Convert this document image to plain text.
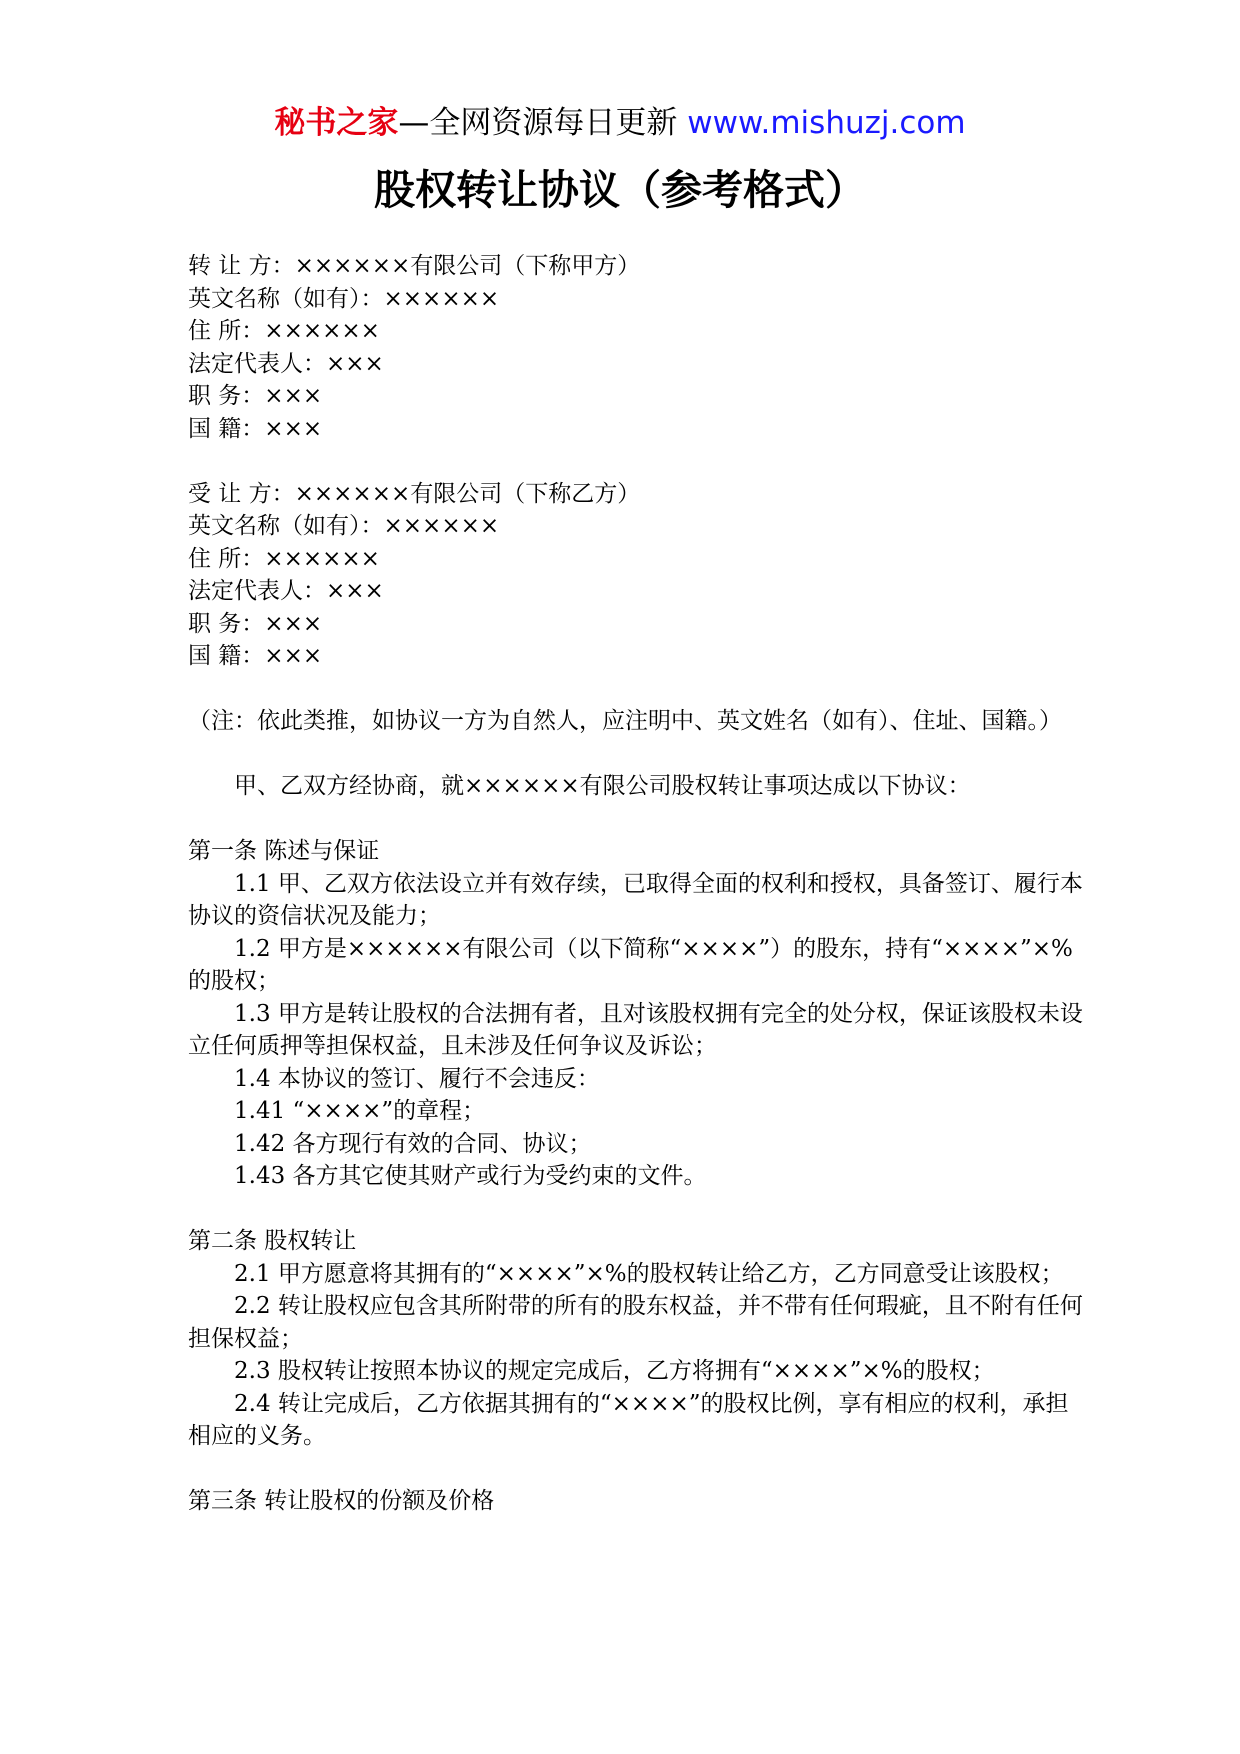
秘书之家—全网资源每日更新 www.mishuzj.com
股权转让协议（参考格式）
转 让 方：××××××有限公司（下称甲方）
英文名称（如有）：××××××
住 所：××××××
法定代表人：×××
职 务：×××
国 籍：×××
受 让 方：××××××有限公司（下称乙方）
英文名称（如有）：××××××
住 所：××××××
法定代表人：×××
职 务：×××
国 籍：×××
（注：依此类推，如协议一方为自然人，应注明中、英文姓名（如有）、住址、国籍。）
甲、乙双方经协商，就××××××有限公司股权转让事项达成以下协议：
第一条 陈述与保证
1.1 甲、乙双方依法设立并有效存续，已取得全面的权利和授权，具备签订、履行本协议的资信状况及能力；
1.2 甲方是××××××有限公司（以下简称“××××”）的股东，持有“××××”×%的股权；
1.3 甲方是转让股权的合法拥有者，且对该股权拥有完全的处分权，保证该股权未设立任何质押等担保权益，且未涉及任何争议及诉讼；
1.4 本协议的签订、履行不会违反：
1.41 “××××”的章程；
1.42 各方现行有效的合同、协议；
1.43 各方其它使其财产或行为受约束的文件。
第二条 股权转让
2.1 甲方愿意将其拥有的“××××”×%的股权转让给乙方，乙方同意受让该股权；
2.2 转让股权应包含其所附带的所有的股东权益，并不带有任何瑕疵，且不附有任何担保权益；
2.3 股权转让按照本协议的规定完成后，乙方将拥有“××××”×%的股权；
2.4 转让完成后，乙方依据其拥有的“××××”的股权比例，享有相应的权利，承担相应的义务。
第三条 转让股权的份额及价格
